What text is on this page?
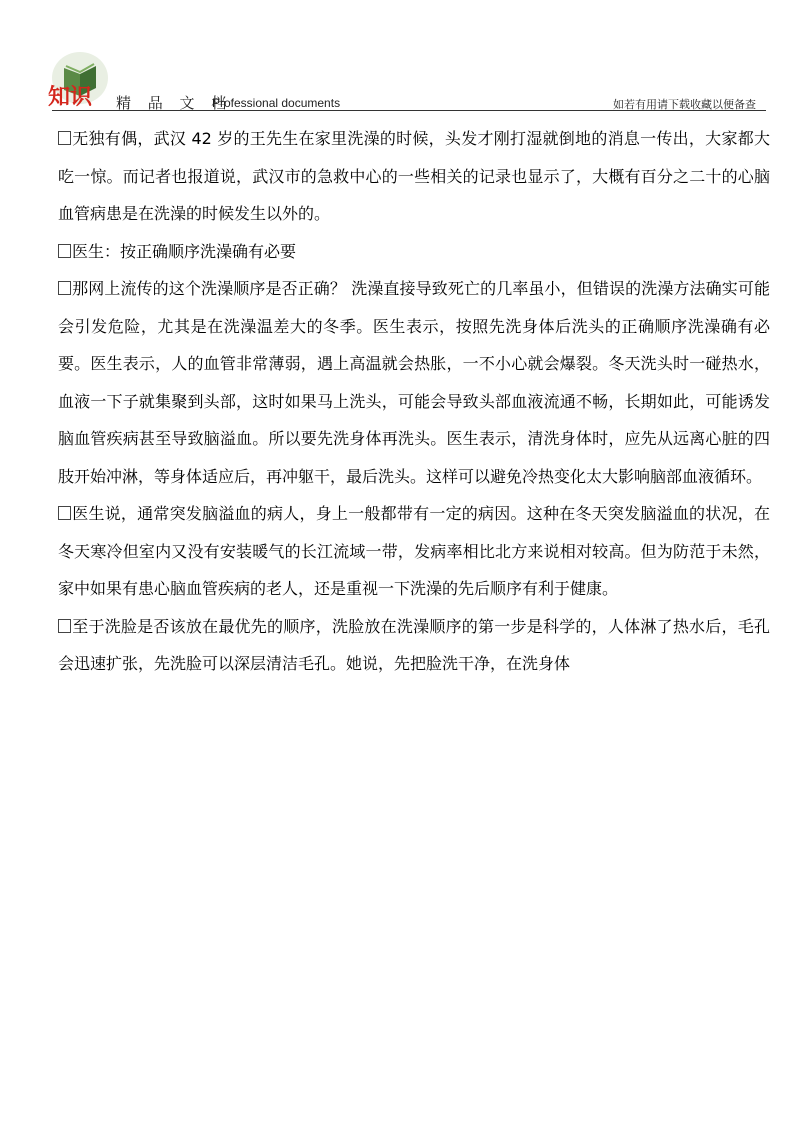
知识 精 品 文 档
Professional documents	如若有用请下载收藏以便备查

无独有偶，武汉 42 岁的王先生在家里洗澡的时候，头发才刚打湿就倒地的消息一传出，大家都大吃一惊。而记者也报道说，武汉市的急救中心的一些相关的记录也显示了，大概有百分之二十的心脑血管病患是在洗澡的时候发生以外的。

医生：按正确顺序洗澡确有必要

那网上流传的这个洗澡顺序是否正确？ 洗澡直接导致死亡的几率虽小，但错误的洗澡方法确实可能会引发危险，尤其是在洗澡温差大的冬季。医生表示，按照先洗身体后洗头的正确顺序洗澡确有必要。医生表示，人的血管非常薄弱，遇上高温就会热胀，一不小心就会爆裂。冬天洗头时一碰热水，血液一下子就集聚到头部，这时如果马上洗头，可能会导致头部血液流通不畅，长期如此，可能诱发脑血管疾病甚至导致脑溢血。所以要先洗身体再洗头。医生表示，清洗身体时，应先从远离心脏的四肢开始冲淋，等身体适应后，再冲躯干，最后洗头。这样可以避免冷热变化太大影响脑部血液循环。

医生说，通常突发脑溢血的病人，身上一般都带有一定的病因。这种在冬天突发脑溢血的状况，在冬天寒冷但室内又没有安装暖气的长江流域一带，发病率相比北方来说相对较高。但为防范于未然，家中如果有患心脑血管疾病的老人，还是重视一下洗澡的先后顺序有利于健康。

至于洗脸是否该放在最优先的顺序，洗脸放在洗澡顺序的第一步是科学的，人体淋了热水后，毛孔会迅速扩张，先洗脸可以深层清洁毛孔。她说，先把脸洗干净，在洗身体
